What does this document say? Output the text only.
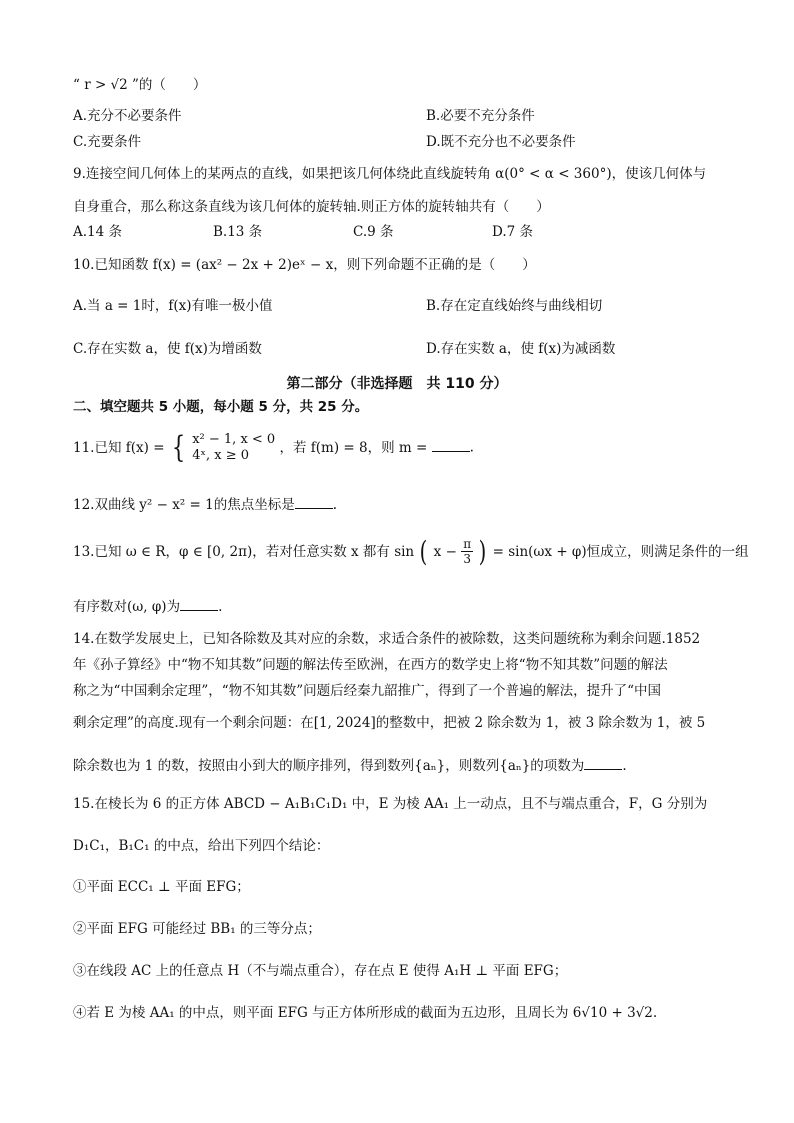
“ r > √2 ”的（　　）
A.充分不必要条件	B.必要不充分条件
C.充要条件	D.既不充分也不必要条件
9.连接空间几何体上的某两点的直线，如果把该几何体绕此直线旋转角 α(0° < α < 360°)，使该几何体与
自身重合，那么称这条直线为该几何体的旋转轴.则正方体的旋转轴共有（　　）
A.14 条	B.13 条	C.9 条	D.7 条
10.已知函数 f(x) = (ax² − 2x + 2)eˣ − x，则下列命题不正确的是（　　）
A.当 a = 1时，f(x)有唯一极小值	B.存在定直线始终与曲线相切
C.存在实数 a，使 f(x)为增函数	D.存在实数 a，使 f(x)为减函数
第二部分（非选择题　共 110 分）
二、填空题共 5 小题，每小题 5 分，共 25 分。
11.已知 f(x) = { x² − 1, x < 0
4ˣ, x ≥ 0	，若 f(m) = 8，则 m =	.
12.双曲线 y² − x² = 1的焦点坐标是	.
13.已知 ω ∈ R，φ ∈ [0, 2π)，若对任意实数 x 都有 sin ( $x - \frac{\pi}{3}$ ) = sin(ωx + φ)恒成立，则满足条件的一组
有序数对(ω, φ)为	.
14.在数学发展史上，已知各除数及其对应的余数，求适合条件的被除数，这类问题统称为剩余问题.1852
年《孙子算经》中“物不知其数”问题的解法传至欧洲，在西方的数学史上将“物不知其数”问题的解法
称之为“中国剩余定理”，“物不知其数”问题后经秦九韶推广，得到了一个普遍的解法，提升了“中国
剩余定理”的高度.现有一个剩余问题：在[1, 2024]的整数中，把被 2 除余数为 1，被 3 除余数为 1，被 5
除余数也为 1 的数，按照由小到大的顺序排列，得到数列{aₙ}，则数列{aₙ}的项数为	.
15.在棱长为 6 的正方体 ABCD − A₁B₁C₁D₁ 中，E 为棱 AA₁ 上一动点，且不与端点重合，F，G 分别为
D₁C₁，B₁C₁ 的中点，给出下列四个结论：
①平面 ECC₁ ⊥ 平面 EFG；
②平面 EFG 可能经过 BB₁ 的三等分点；
③在线段 AC 上的任意点 H（不与端点重合），存在点 E 使得 A₁H ⊥ 平面 EFG；
④若 E 为棱 AA₁ 的中点，则平面 EFG 与正方体所形成的截面为五边形，且周长为 6√10 + 3√2.
